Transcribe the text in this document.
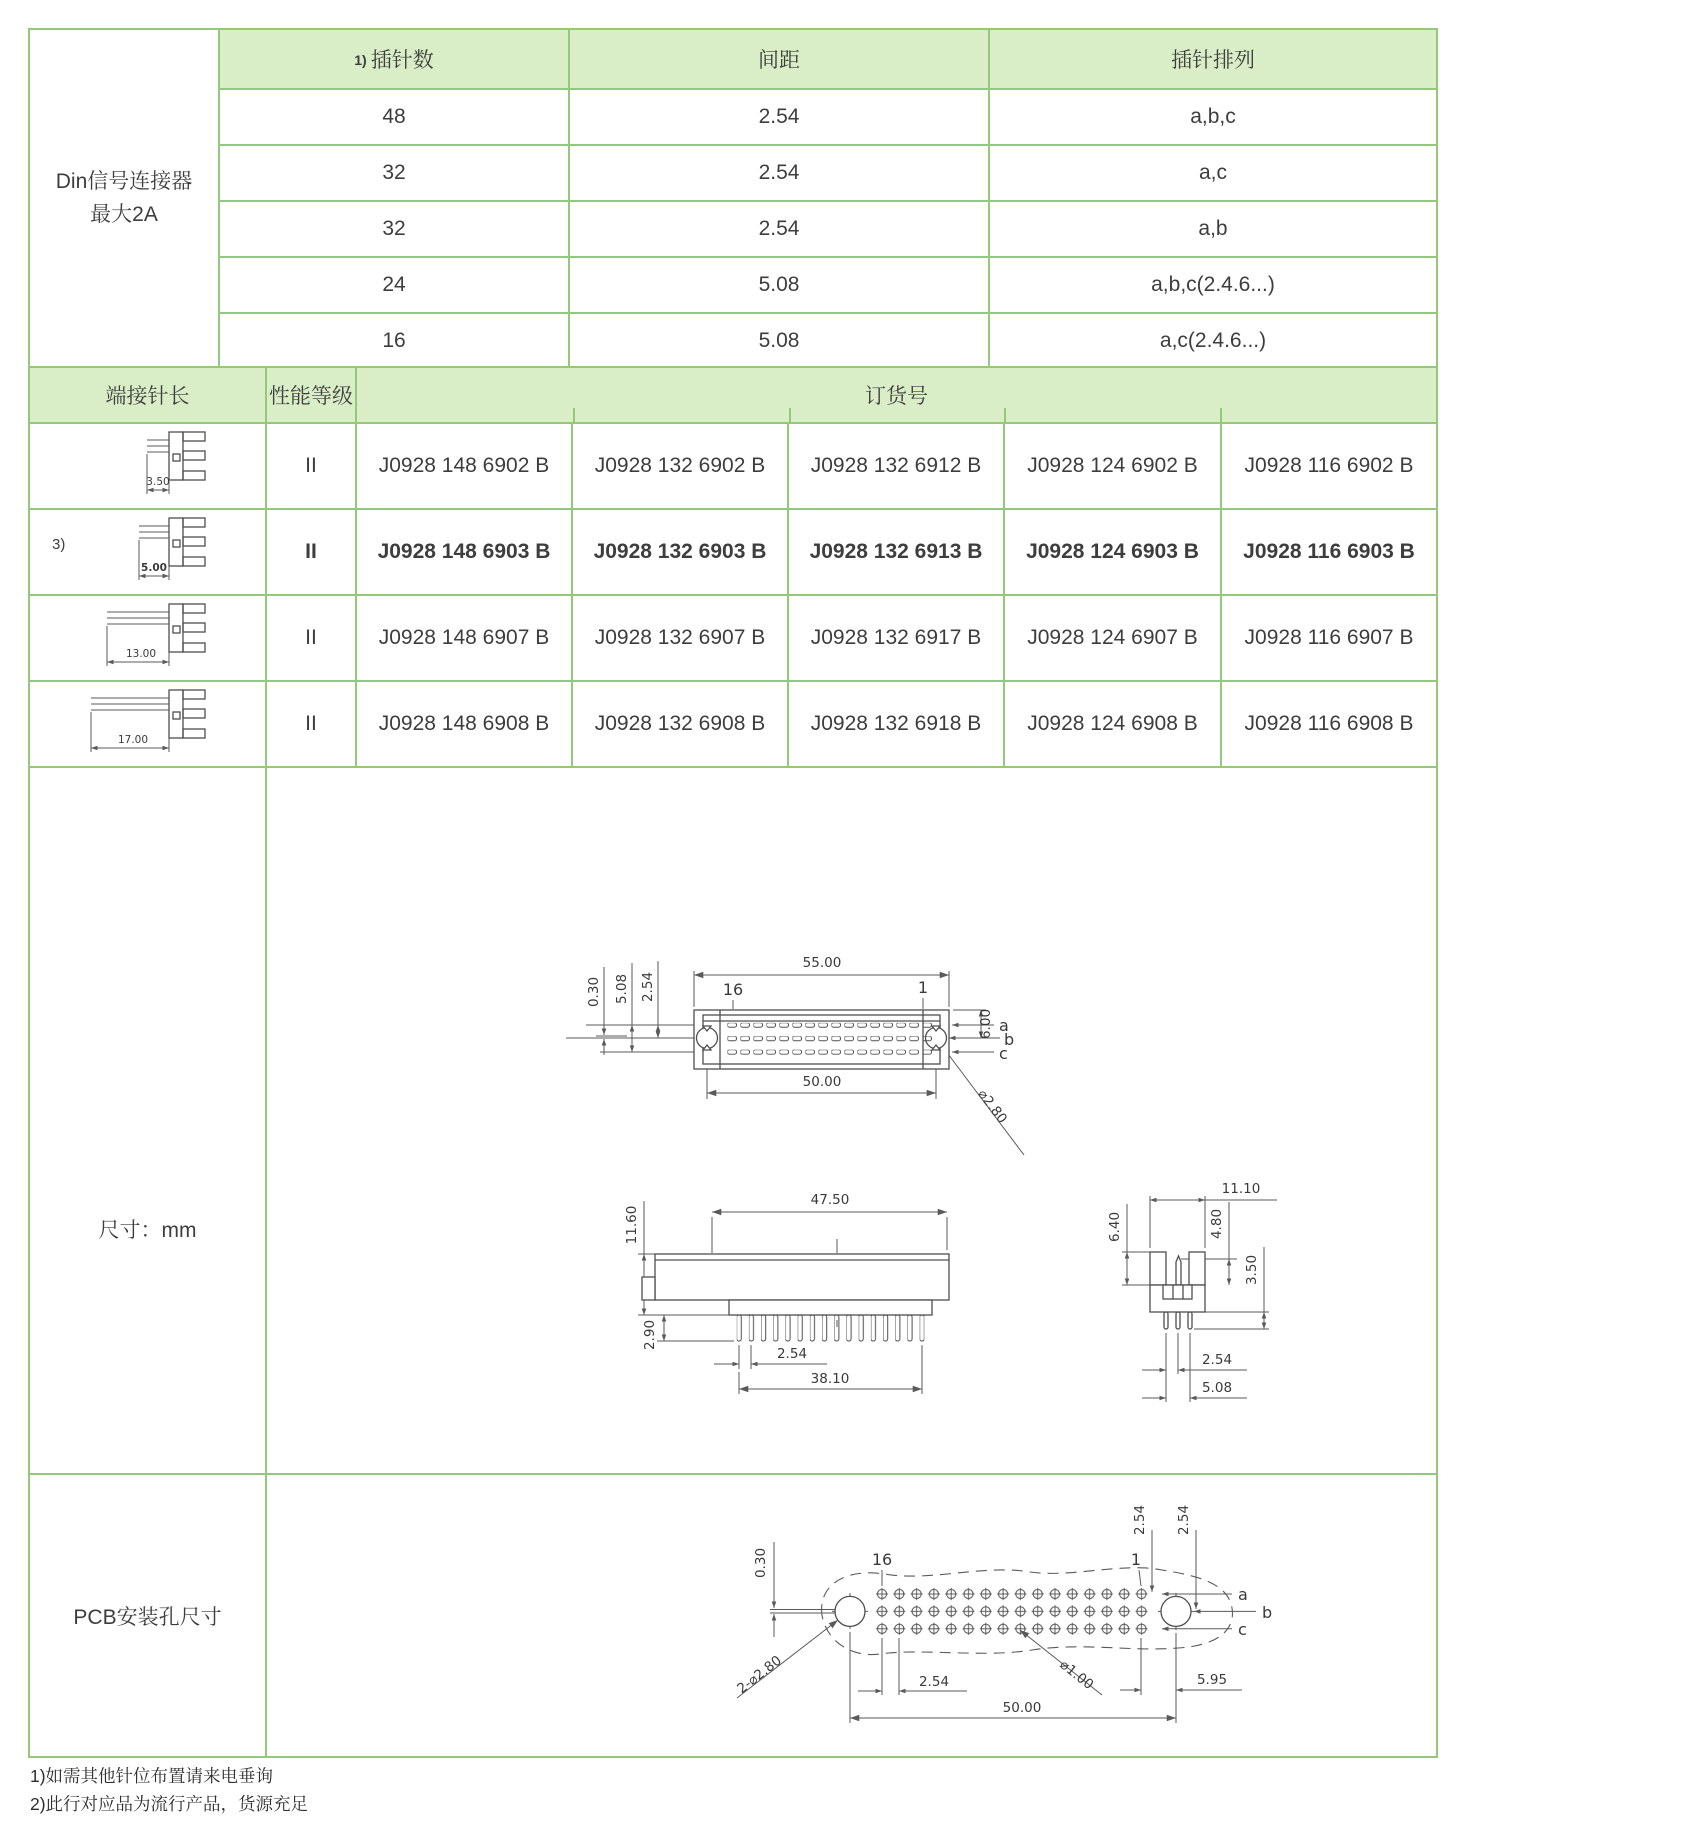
Din信号连接器
最大2A	1) 插针数	间距	插针排列
	48	2.54	a,b,c
	32	2.54	a,c
	32	2.54	a,b
	24	5.08	a,b,c(2.4.6...)
	16	5.08	a,c(2.4.6...)
端接针长	性能等级	订货号				

3.50	II	J0928 148 6902 B	J0928 132 6902 B	J0928 132 6912 B	J0928 124 6902 B	J0928 116 6902 B

3)
5.00	II	J0928 148 6903 B	J0928 132 6903 B	J0928 132 6913 B	J0928 124 6903 B	J0928 116 6903 B

13.00	II	J0928 148 6907 B	J0928 132 6907 B	J0928 132 6917 B	J0928 124 6907 B	J0928 116 6907 B

17.00	II	J0928 148 6908 B	J0928 132 6908 B	J0928 132 6918 B	J0928 124 6908 B	J0928 116 6908 B
尺寸：mm	
55.00
50.00
16	1
0.30 5.08 2.54
6.00 a
b
c
⌀2.80
47.50
11.60
2.90
2.54
38.10
11.10
6.40	4.80
3.50
2.54
5.08

PCB安装孔尺寸	
0.30	16	1
2.54 2.54
a
b
c
2-⌀2.80	⌀1.00
2.54
50.00
5.95
1)如需其他针位布置请来电垂询
2)此行对应品为流行产品，货源充足
